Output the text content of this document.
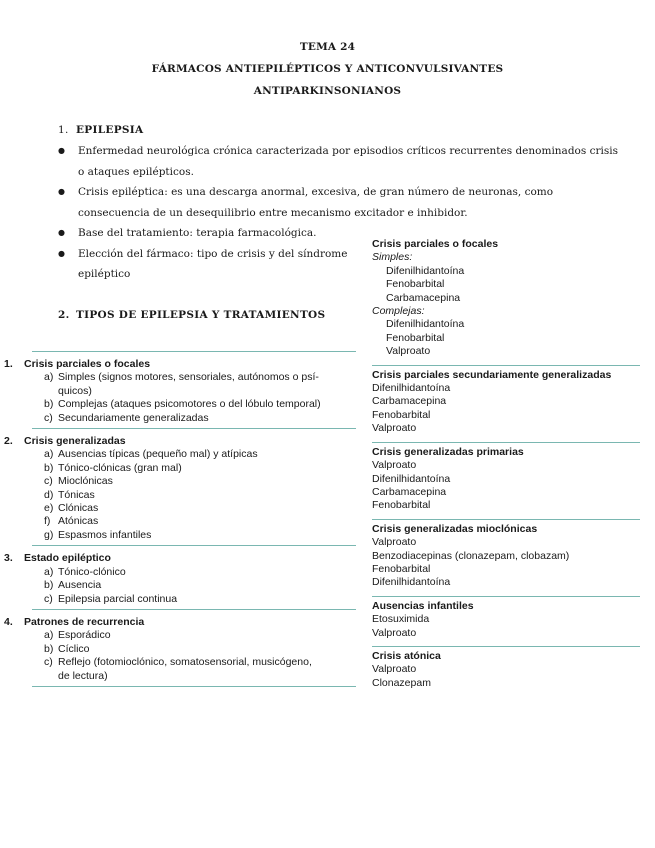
TEMA 24
FÁRMACOS ANTIEPILÉPTICOS Y ANTICONVULSIVANTES
ANTIPARKINSONIANOS
1. EPILEPSIA
● Enfermedad neurológica crónica caracterizada por episodios críticos recurrentes denominados crisis o ataques epilépticos.
● Crisis epiléptica: es una descarga anormal, excesiva, de gran número de neuronas, como consecuencia de un desequilibrio entre mecanismo excitador e inhibidor.
● Base del tratamiento: terapia farmacológica.
● Elección del fármaco: tipo de crisis y del síndrome epiléptico
2. TIPOS DE EPILEPSIA Y TRATAMIENTOS
1. Crisis parciales o focales
a) Simples (signos motores, sensoriales, autónomos o psí-
quicos)
b) Complejas (ataques psicomotores o del lóbulo temporal)
c) Secundariamente generalizadas
2. Crisis generalizadas
a) Ausencias típicas (pequeño mal) y atípicas
b) Tónico-clónicas (gran mal)
c) Mioclónicas
d) Tónicas
e) Clónicas
f) Atónicas
g) Espasmos infantiles
3. Estado epiléptico
a) Tónico-clónico
b) Ausencia
c) Epilepsia parcial continua
4. Patrones de recurrencia
a) Esporádico
b) Cíclico
c) Reflejo (fotomioclónico, somatosensorial, musicógeno,
de lectura)
Crisis parciales o focales
Simples:
Difenilhidantoína
Fenobarbital
Carbamacepina
Complejas:
Difenilhidantoína
Fenobarbital
Valproato
Crisis parciales secundariamente generalizadas
Difenilhidantoína
Carbamacepina
Fenobarbital
Valproato
Crisis generalizadas primarias
Valproato
Difenilhidantoína
Carbamacepina
Fenobarbital
Crisis generalizadas mioclónicas
Valproato
Benzodiacepinas (clonazepam, clobazam)
Fenobarbital
Difenilhidantoína
Ausencias infantiles
Etosuximida
Valproato
Crisis atónica
Valproato
Clonazepam
